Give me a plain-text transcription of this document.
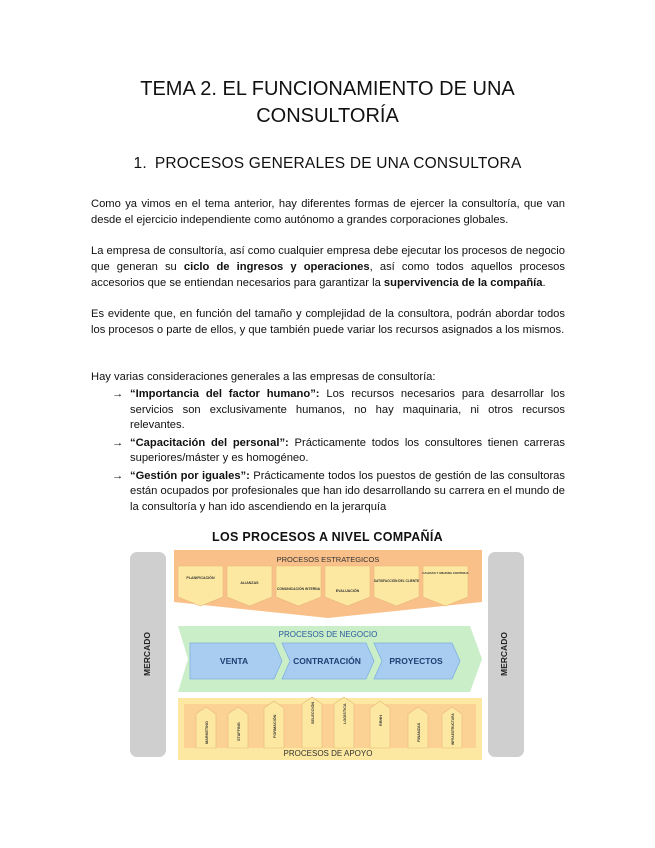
TEMA 2. EL FUNCIONAMIENTO DE UNA
CONSULTORÍA
1. PROCESOS GENERALES DE UNA CONSULTORA

Como ya vimos en el tema anterior, hay diferentes formas de ejercer la consultoría, que van desde el ejercicio independiente como autónomo a grandes corporaciones globales.

La empresa de consultoría, así como cualquier empresa debe ejecutar los procesos de negocio que generan su ciclo de ingresos y operaciones, así como todos aquellos procesos accesorios que se entiendan necesarios para garantizar la supervivencia de la compañía.

Es evidente que, en función del tamaño y complejidad de la consultora, podrán abordar todos los procesos o parte de ellos, y que también puede variar los recursos asignados a los mismos.

Hay varias consideraciones generales a las empresas de consultoría:

→ “Importancia del factor humano”: Los recursos necesarios para desarrollar los servicios son exclusivamente humanos, no hay maquinaria, ni otros recursos relevantes.
→ “Capacitación del personal”: Prácticamente todos los consultores tienen carreras superiores/máster y es homogéneo.
→ “Gestión por iguales”: Prácticamente todos los puestos de gestión de las consultoras están ocupados por profesionales que han ido desarrollando su carrera en el mundo de la consultoría y han ido ascendiendo en la jerarquía
LOS PROCESOS A NIVEL COMPAÑÍA
MERCADO	MERCADO
PROCESOS ESTRATEGICOS
PLANIFICACIÓN
ALIANZAS
COMUNICACIÓN INTERNA	EVALUACIÓN
SATISFACCIÓN DEL CLIENTE
CALIDAD Y MEJORA CONTINUA
PROCESOS DE NEGOCIO
VENTA	CONTRATACIÓN	PROYECTOS
PROCESOS DE APOYO
MARKETING	STAFFING	FORMACIÓN
SELECCIÓN	LOGÍSTICA	RRHH
FINANZAS	INFRAESTRUCTURA
